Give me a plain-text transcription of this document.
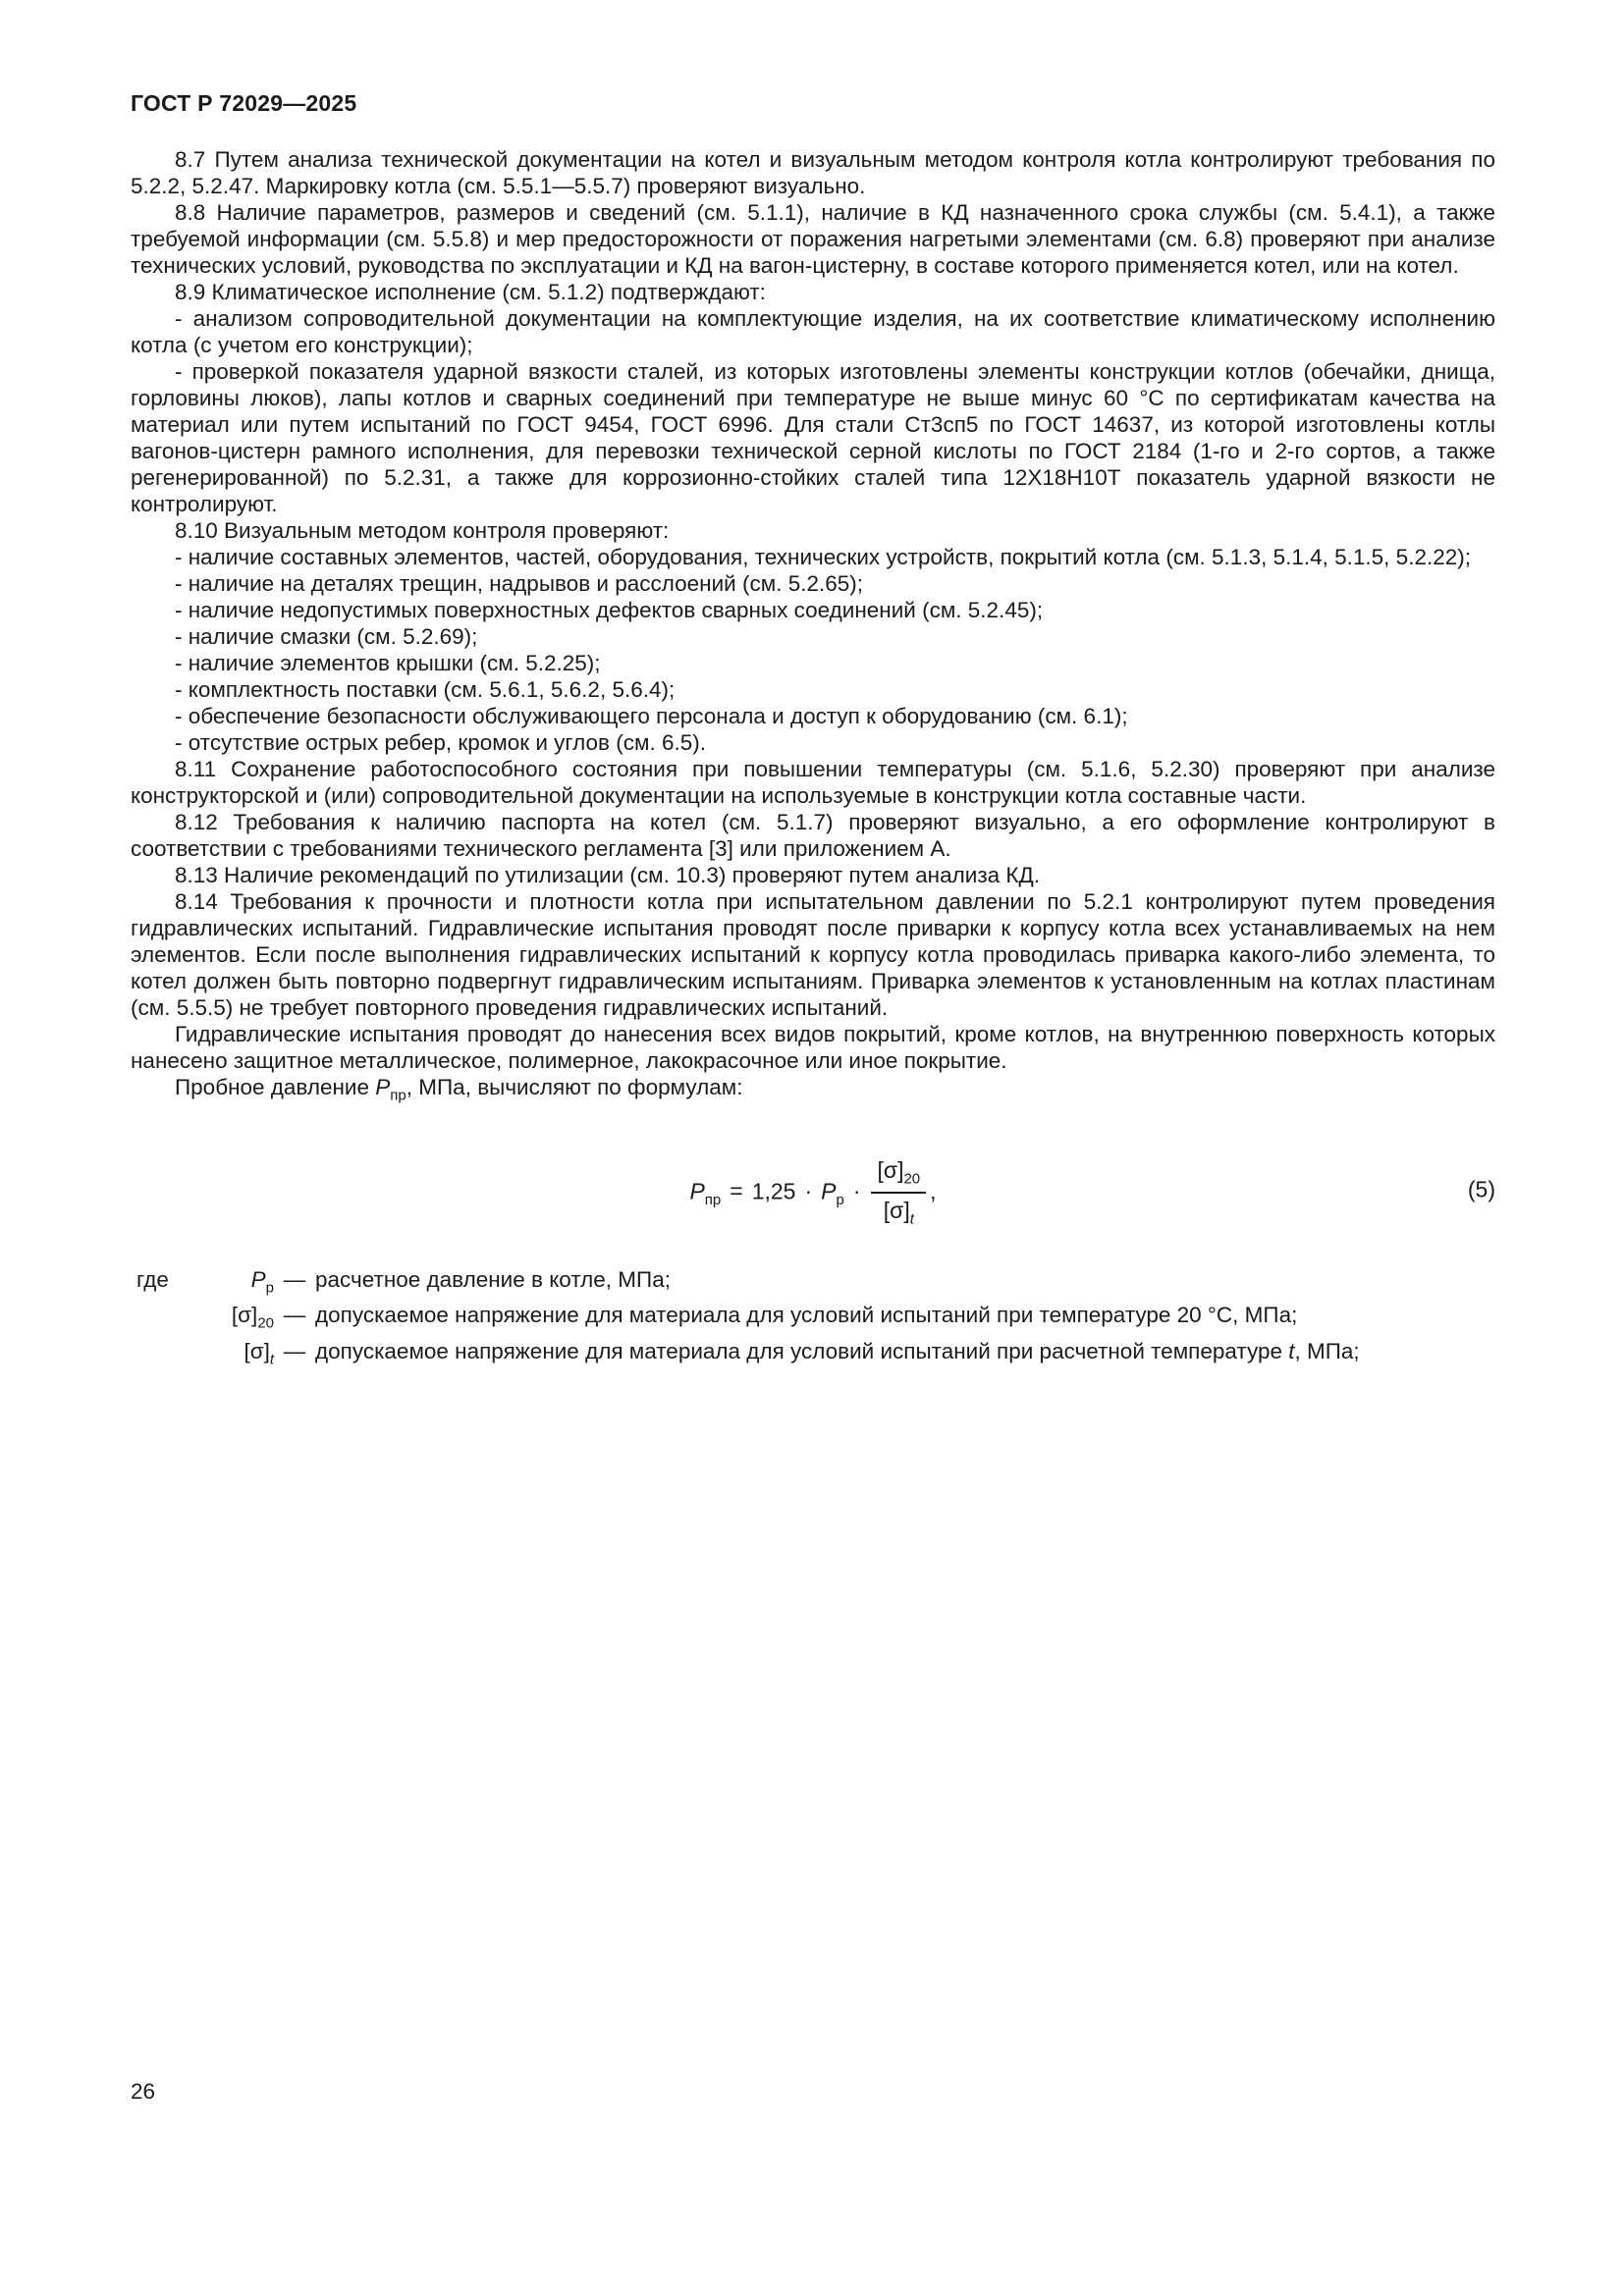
ГОСТ Р 72029—2025

8.7 Путем анализа технической документации на котел и визуальным методом контроля котла контролируют требования по 5.2.2, 5.2.47. Маркировку котла (см. 5.5.1—5.5.7) проверяют визуально.

8.8 Наличие параметров, размеров и сведений (см. 5.1.1), наличие в КД назначенного срока службы (см. 5.4.1), а также требуемой информации (см. 5.5.8) и мер предосторожности от поражения нагретыми элементами (см. 6.8) проверяют при анализе технических условий, руководства по эксплуатации и КД на вагон-цистерну, в составе которого применяется котел, или на котел.

8.9 Климатическое исполнение (см. 5.1.2) подтверждают:

- анализом сопроводительной документации на комплектующие изделия, на их соответствие климатическому исполнению котла (с учетом его конструкции);

- проверкой показателя ударной вязкости сталей, из которых изготовлены элементы конструкции котлов (обечайки, днища, горловины люков), лапы котлов и сварных соединений при температуре не выше минус 60 °С по сертификатам качества на материал или путем испытаний по ГОСТ 9454, ГОСТ 6996. Для стали Ст3сп5 по ГОСТ 14637, из которой изготовлены котлы вагонов-цистерн рамного исполнения, для перевозки технической серной кислоты по ГОСТ 2184 (1-го и 2-го сортов, а также регенерированной) по 5.2.31, а также для коррозионно-стойких сталей типа 12Х18Н10Т показатель ударной вязкости не контролируют.

8.10 Визуальным методом контроля проверяют:

- наличие составных элементов, частей, оборудования, технических устройств, покрытий котла (см. 5.1.3, 5.1.4, 5.1.5, 5.2.22);

- наличие на деталях трещин, надрывов и расслоений (см. 5.2.65);

- наличие недопустимых поверхностных дефектов сварных соединений (см. 5.2.45);

- наличие смазки (см. 5.2.69);

- наличие элементов крышки (см. 5.2.25);

- комплектность поставки (см. 5.6.1, 5.6.2, 5.6.4);

- обеспечение безопасности обслуживающего персонала и доступ к оборудованию (см. 6.1);

- отсутствие острых ребер, кромок и углов (см. 6.5).

8.11 Сохранение работоспособного состояния при повышении температуры (см. 5.1.6, 5.2.30) проверяют при анализе конструкторской и (или) сопроводительной документации на используемые в конструкции котла составные части.

8.12 Требования к наличию паспорта на котел (см. 5.1.7) проверяют визуально, а его оформление контролируют в соответствии с требованиями технического регламента [3] или приложением А.

8.13 Наличие рекомендаций по утилизации (см. 10.3) проверяют путем анализа КД.

8.14 Требования к прочности и плотности котла при испытательном давлении по 5.2.1 контролируют путем проведения гидравлических испытаний. Гидравлические испытания проводят после приварки к корпусу котла всех устанавливаемых на нем элементов. Если после выполнения гидравлических испытаний к корпусу котла проводилась приварка какого-либо элемента, то котел должен быть повторно подвергнут гидравлическим испытаниям. Приварка элементов к установленным на котлах пластинам (см. 5.5.5) не требует повторного проведения гидравлических испытаний.

Гидравлические испытания проводят до нанесения всех видов покрытий, кроме котлов, на внутреннюю поверхность которых нанесено защитное металлическое, полимерное, лакокрасочное или иное покрытие.

Пробное давление $P_{пр}$, МПа, вычисляют по формулам:

$P_{пр} = 1,25 \cdot P_р \cdot \frac{[\sigma]_{20}}{[\sigma]_t}$ ,	(5)
где	$P_р$ — расчетное давление в котле, МПа;
$[\sigma]_{20}$ — допускаемое напряжение для материала для условий испытаний при температуре 20 °С, МПа;
$[\sigma]_t$ — допускаемое напряжение для материала для условий испытаний при расчетной температуре t, МПа;
26
